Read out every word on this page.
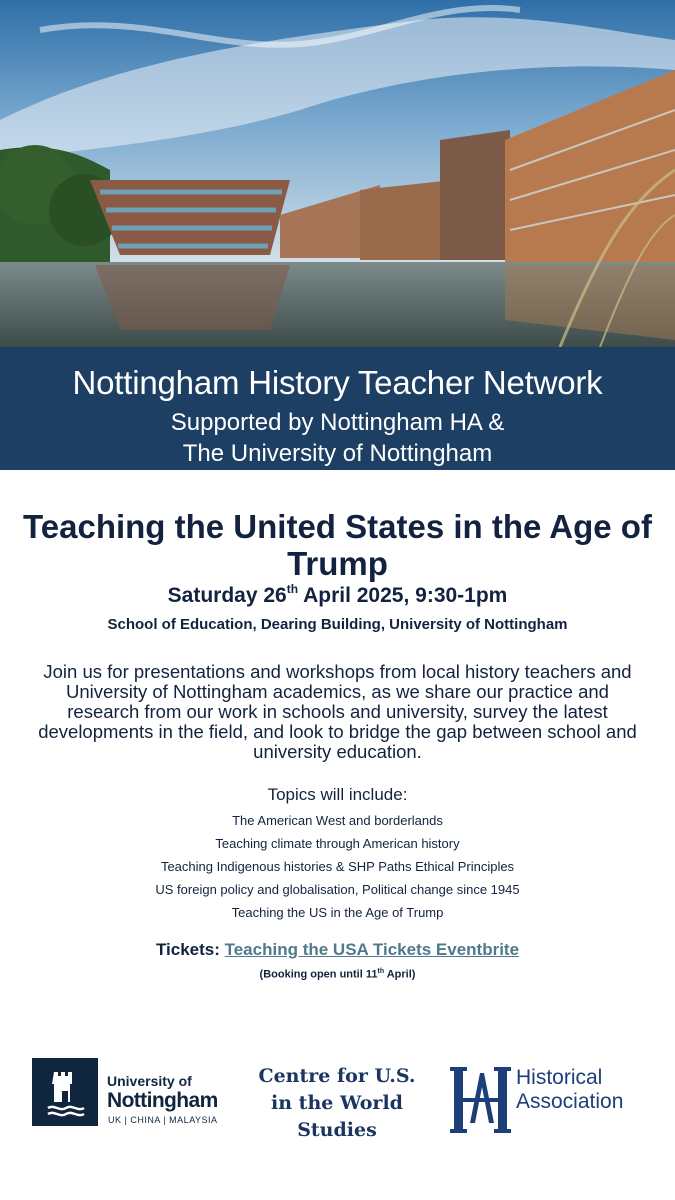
Nottingham History Teacher Network
Supported by Nottingham HA &
The University of Nottingham
Teaching the United States in the Age of Trump
Saturday 26th April 2025, 9:30-1pm
School of Education, Dearing Building, University of Nottingham
Join us for presentations and workshops from local history teachers and University of Nottingham academics, as we share our practice and research from our work in schools and university, survey the latest developments in the field, and look to bridge the gap between school and university education.
Topics will include:
The American West and borderlands
Teaching climate through American history
Teaching Indigenous histories & SHP Paths Ethical Principles
US foreign policy and globalisation, Political change since 1945
Teaching the US in the Age of Trump
Tickets: Teaching the USA Tickets Eventbrite
(Booking open until 11th April)
University of
Nottingham
UK | CHINA | MALAYSIA
Centre for U.S.
in the World
Studies
Historical
Association
